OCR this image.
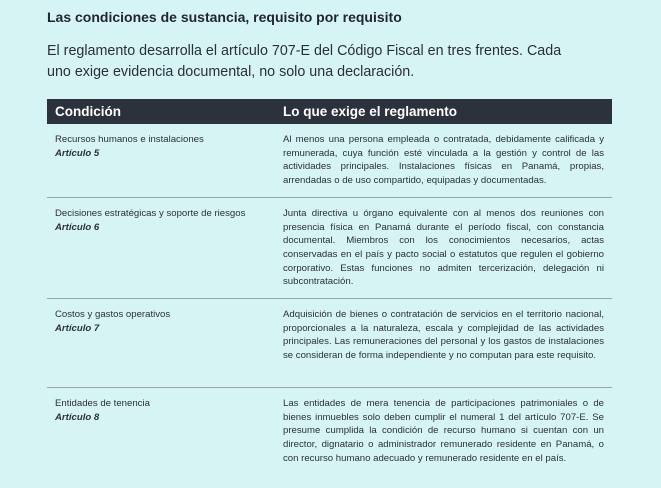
Las condiciones de sustancia, requisito por requisito

El reglamento desarrolla el artículo 707-E del Código Fiscal en tres frentes. Cada uno exige evidencia documental, no solo una declaración.

Condición	Lo que exige el reglamento

Recursos humanos e instalaciones
Artículo 5	Al menos una persona empleada o contratada, debidamente calificada y remunerada, cuya función esté vinculada a la gestión y control de las actividades principales. Instalaciones físicas en Panamá, propias, arrendadas o de uso compartido, equipadas y documentadas.

Decisiones estratégicas y soporte de riesgos
Artículo 6	Junta directiva u órgano equivalente con al menos dos reuniones con presencia física en Panamá durante el período fiscal, con constancia documental. Miembros con los conocimientos necesarios, actas conservadas en el país y pacto social o estatutos que regulen el gobierno corporativo. Estas funciones no admiten tercerización, delegación ni subcontratación.

Costos y gastos operativos
Artículo 7	Adquisición de bienes o contratación de servicios en el territorio nacional, proporcionales a la naturaleza, escala y complejidad de las actividades principales. Las remuneraciones del personal y los gastos de instalaciones se consideran de forma independiente y no computan para este requisito.

Entidades de tenencia
Artículo 8	Las entidades de mera tenencia de participaciones patrimoniales o de bienes inmuebles solo deben cumplir el numeral 1 del artículo 707-E. Se presume cumplida la condición de recurso humano si cuentan con un director, dignatario o administrador remunerado residente en Panamá, o con recurso humano adecuado y remunerado residente en el país.
